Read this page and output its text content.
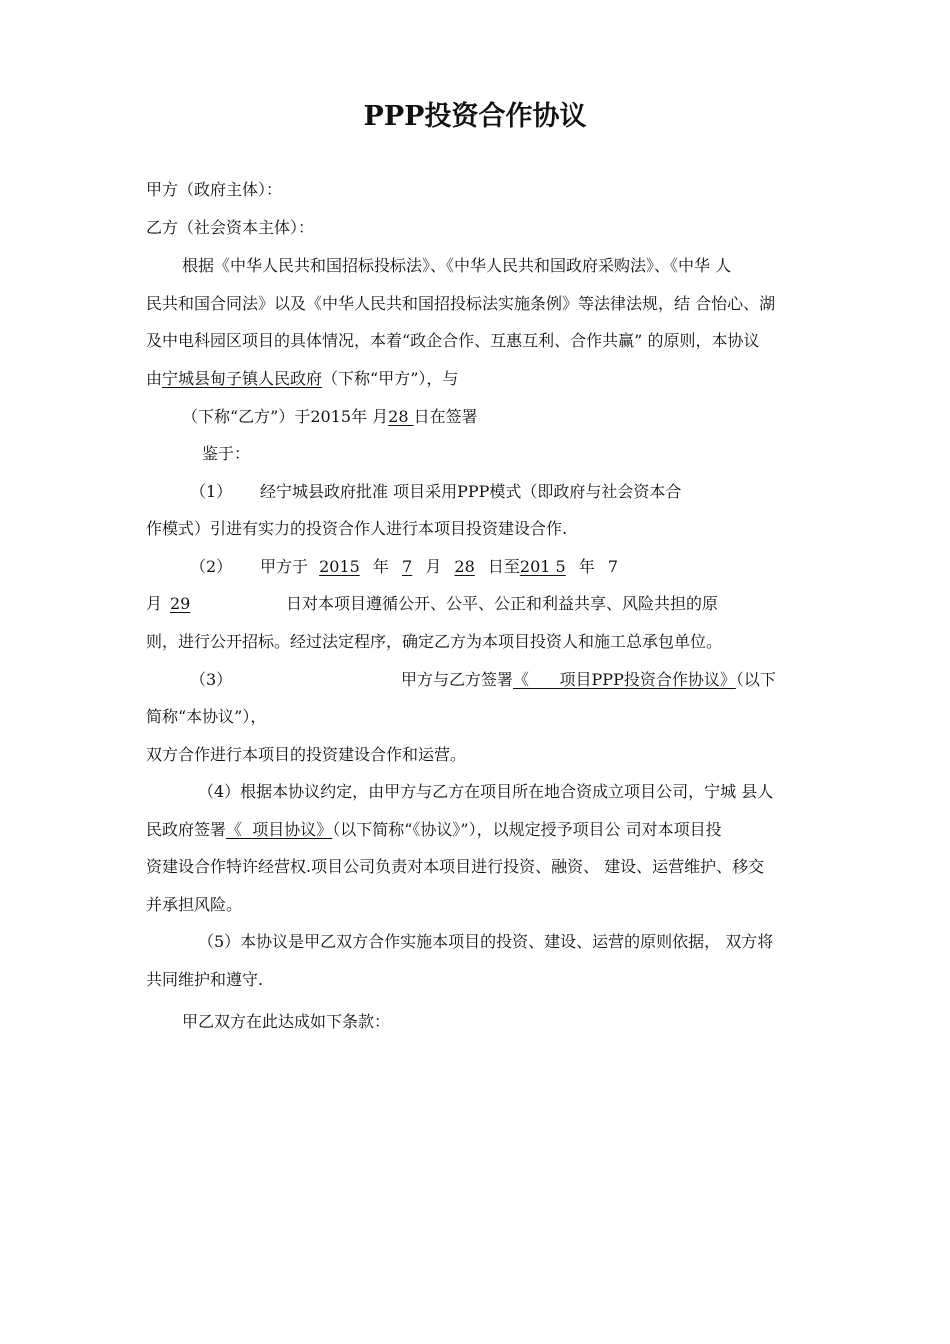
PPP投资合作协议
甲方（政府主体）：
乙方（社会资本主体）：
根据《中华人民共和国招标投标法》、《中华人民共和国政府采购法》、《中华 人
民共和国合同法》以及《中华人民共和国招投标法实施条例》等法律法规，结 合怡心、湖
及中电科园区项目的具体情况，本着“政企合作、互惠互利、合作共赢” 的原则，本协议
由宁城县甸子镇人民政府（下称“甲方”），与
（下称“乙方”）于2015年 月28 日在签署
鉴于：
（1） 经宁城县政府批准 项目采用PPP模式（即政府与社会资本合
作模式）引进有实力的投资合作人进行本项目投资建设合作.
（2） 甲方于 2015 年 7 月 28 日至201 5 年 7
月 29	日对本项目遵循公开、公平、公正和利益共享、风险共担的原
则，进行公开招标。经过法定程序，确定乙方为本项目投资人和施工总承包单位。
（3）	甲方与乙方签署《      项目PPP投资合作协议》（以下
简称“本协议”），
双方合作进行本项目的投资建设合作和运营。
（4）根据本协议约定，由甲方与乙方在项目所在地合资成立项目公司，宁城 县人
民政府签署《  项目协议》（以下简称“《协议》”），以规定授予项目公 司对本项目投
资建设合作特许经营权.项目公司负责对本项目进行投资、融资、 建设、运营维护、移交
并承担风险。
（5）本协议是甲乙双方合作实施本项目的投资、建设、运营的原则依据， 双方将
共同维护和遵守.
甲乙双方在此达成如下条款：
